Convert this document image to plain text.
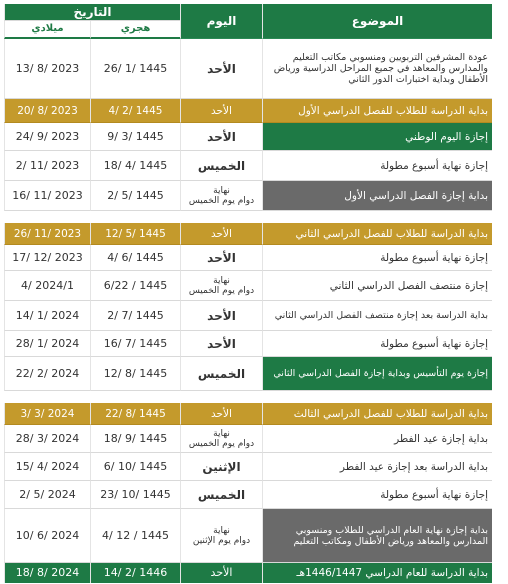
الموضوع	اليوم	التاريخ	
		هجري	ميلادي
عودة المشرفين التربويين ومنسوبي مكاتب التعليم والمدارس والمعاهد في جميع المراحل الدراسية ورياض الأطفال وبداية اختبارات الدور الثاني	الأحد	1445 /1 /26	2023 /8 /13
بداية الدراسة للطلاب للفصل الدراسي الأول	الأحد	1445 /2 /4	2023 /8 /20
إجازة اليوم الوطني	الأحد	1445 /3 /9	2023 /9 /24
إجازة نهاية أسبوع مطولة	الخميس	1445 /4 /18	2023 /11 /2
بداية إجازة الفصل الدراسي الأول	نهاية
دوام يوم الخميس	1445 /5 /2	2023 /11 /16

بداية الدراسة للطلاب للفصل الدراسي الثاني	الأحد	1445 /5 /12	2023 /11 /26
إجازة نهاية أسبوع مطولة	الأحد	1445 /6 /4	2023 /12 /17
إجازة منتصف الفصل الدراسي الثاني	نهاية
دوام يوم الخميس	1445 / 6/22	2024/1 /4
بداية الدراسة بعد إجازة منتصف الفصل الدراسي الثاني	الأحد	1445 /7 /2	2024 /1 /14
إجازة نهاية أسبوع مطولة	الأحد	1445 /7 /16	2024 /1 /28
إجازة يوم التأسيس وبداية إجازة الفصل الدراسي الثاني	الخميس	1445 /8 /12	2024 /2 /22

بداية الدراسة للطلاب للفصل الدراسي الثالث	الأحد	1445 /8 /22	2024 /3 /3
بداية إجازة عيد الفطر	نهاية
دوام يوم الخميس	1445 /9 /18	2024 /3 /28
بداية الدراسة بعد إجازة عيد الفطر	الإثنين	1445 /10 /6	2024 /4 /15
إجازة نهاية أسبوع مطولة	الخميس	1445 /10 /23	2024 /5 /2
بداية إجازة نهاية العام الدراسي للطلاب ومنسوبي المدارس والمعاهد ورياض الأطفال ومكاتب التعليم	نهاية
دوام يوم الإثنين	1445 / 12 /4	2024 /6 /10
بداية الدراسة للعام الدراسي 1446/1447هـ	الأحد	1446 /2 /14	2024 /8 /18
